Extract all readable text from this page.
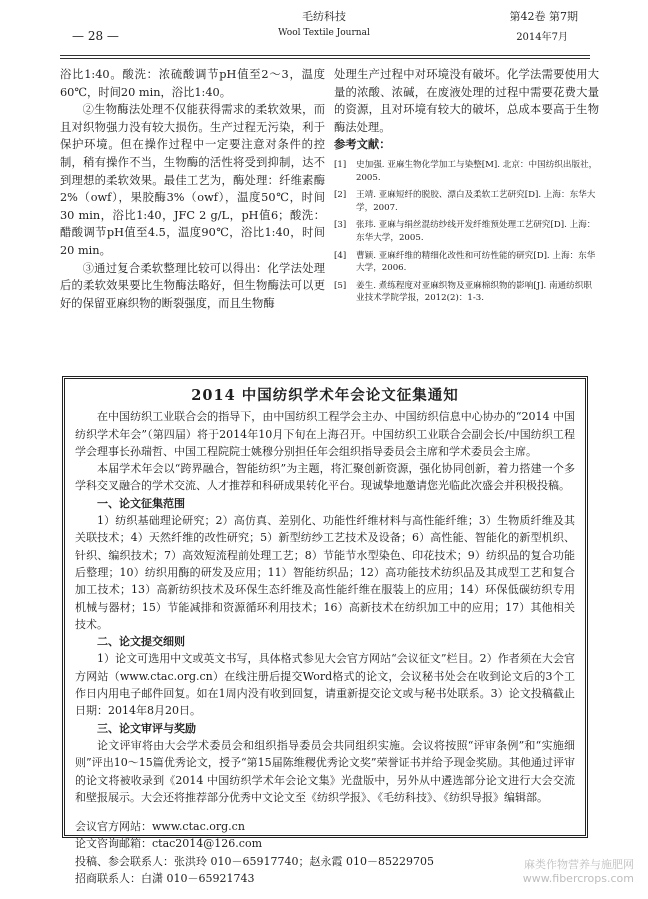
毛纺科技
Wool Textile Journal
— 28 —
第42卷 第7期
2014年7月

浴比1:40。酸洗：浓硫酸调节pH值至2～3，温度60℃，时间20 min，浴比1:40。

②生物酶法处理不仅能获得需求的柔软效果，而且对织物强力没有较大损伤。生产过程无污染，利于保护环境。但在操作过程中一定要注意对条件的控制，稍有操作不当，生物酶的活性将受到抑制，达不到理想的柔软效果。最佳工艺为，酶处理：纤维素酶2%（owf），果胶酶3%（owf），温度50℃，时间30 min，浴比1:40，JFC 2 g/L，pH值6；酸洗：醋酸调节pH值至4.5，温度90℃，浴比1:40，时间20 min。

③通过复合柔软整理比较可以得出：化学法处理后的柔软效果要比生物酶法略好，但生物酶法可以更好的保留亚麻织物的断裂强度，而且生物酶

处理生产过程中对环境没有破坏。化学法需要使用大量的浓酸、浓碱，在废液处理的过程中需要花费大量的资源，且对环境有较大的破坏，总成本要高于生物酶法处理。

参考文献：

[1]	史加强. 亚麻生物化学加工与染整[M]. 北京：中国纺织出版社，2005.
[2]	王靖. 亚麻短纤的脱胶、漂白及柔软工艺研究[D]. 上海：东华大学，2007.
[3]	张玮. 亚麻与绢丝混纺纱线开发纤维预处理工艺研究[D]. 上海：东华大学，2005.
[4]	曹颖. 亚麻纤维的精细化改性和可纺性能的研究[D]. 上海：东华大学，2006.
[5]	姜生. 煮练程度对亚麻织物及亚麻棉织物的影响[J]. 南通纺织职业技术学院学报，2012(2)：1-3.
2014 中国纺织学术年会论文征集通知

在中国纺织工业联合会的指导下，由中国纺织工程学会主办、中国纺织信息中心协办的“2014 中国纺织学术年会”（第四届）将于2014年10月下旬在上海召开。中国纺织工业联合会副会长/中国纺织工程学会理事长孙瑞哲、中国工程院院士姚穆分别担任年会组织指导委员会主席和学术委员会主席。

本届学术年会以“跨界融合，智能纺织”为主题，将汇聚创新资源，强化协同创新，着力搭建一个多学科交叉融合的学术交流、人才推荐和科研成果转化平台。现诚挚地邀请您光临此次盛会并积极投稿。

一、论文征集范围

1）纺织基础理论研究；2）高仿真、差别化、功能性纤维材料与高性能纤维；3）生物质纤维及其关联技术；4）天然纤维的改性研究；5）新型纺纱工艺技术及设备；6）高性能、智能化的新型机织、针织、编织技术；7）高效短流程前处理工艺；8）节能节水型染色、印花技术；9）纺织品的复合功能后整理；10）纺织用酶的研发及应用；11）智能纺织品；12）高功能技术纺织品及其成型工艺和复合加工技术；13）高新纺织技术及环保生态纤维及高性能纤维在服装上的应用；14）环保低碳纺织专用机械与器材；15）节能减排和资源循环利用技术；16）高新技术在纺织加工中的应用；17）其他相关技术。

二、论文提交细则

1）论文可选用中文或英文书写，具体格式参见大会官方网站“会议征文”栏目。2）作者须在大会官方网站（www.ctac.org.cn）在线注册后提交Word格式的论文，会议秘书处会在收到论文后的3个工作日内用电子邮件回复。如在1周内没有收到回复，请重新提交论文或与秘书处联系。3）论文投稿截止日期：2014年8月20日。

三、论文审评与奖励

论文评审将由大会学术委员会和组织指导委员会共同组织实施。会议将按照“评审条例”和“实施细则”评出10～15篇优秀论文，授予“第15届陈维稷优秀论文奖”荣誉证书并给予现金奖励。其他通过评审的论文将被收录到《2014 中国纺织学术年会论文集》光盘版中，另外从中遴选部分论文进行大会交流和壁报展示。大会还将推荐部分优秀中文论文至《纺织学报》、《毛纺科技》、《纺织导报》编辑部。

会议官方网站：www.ctac.org.cn
论文咨询邮箱：ctac2014@126.com
投稿、参会联系人：张洪玲 010－65917740；赵永霞 010－85229705
招商联系人：白潇 010－65921743
麻类作物营养与施肥网
www.fibercrops.com
